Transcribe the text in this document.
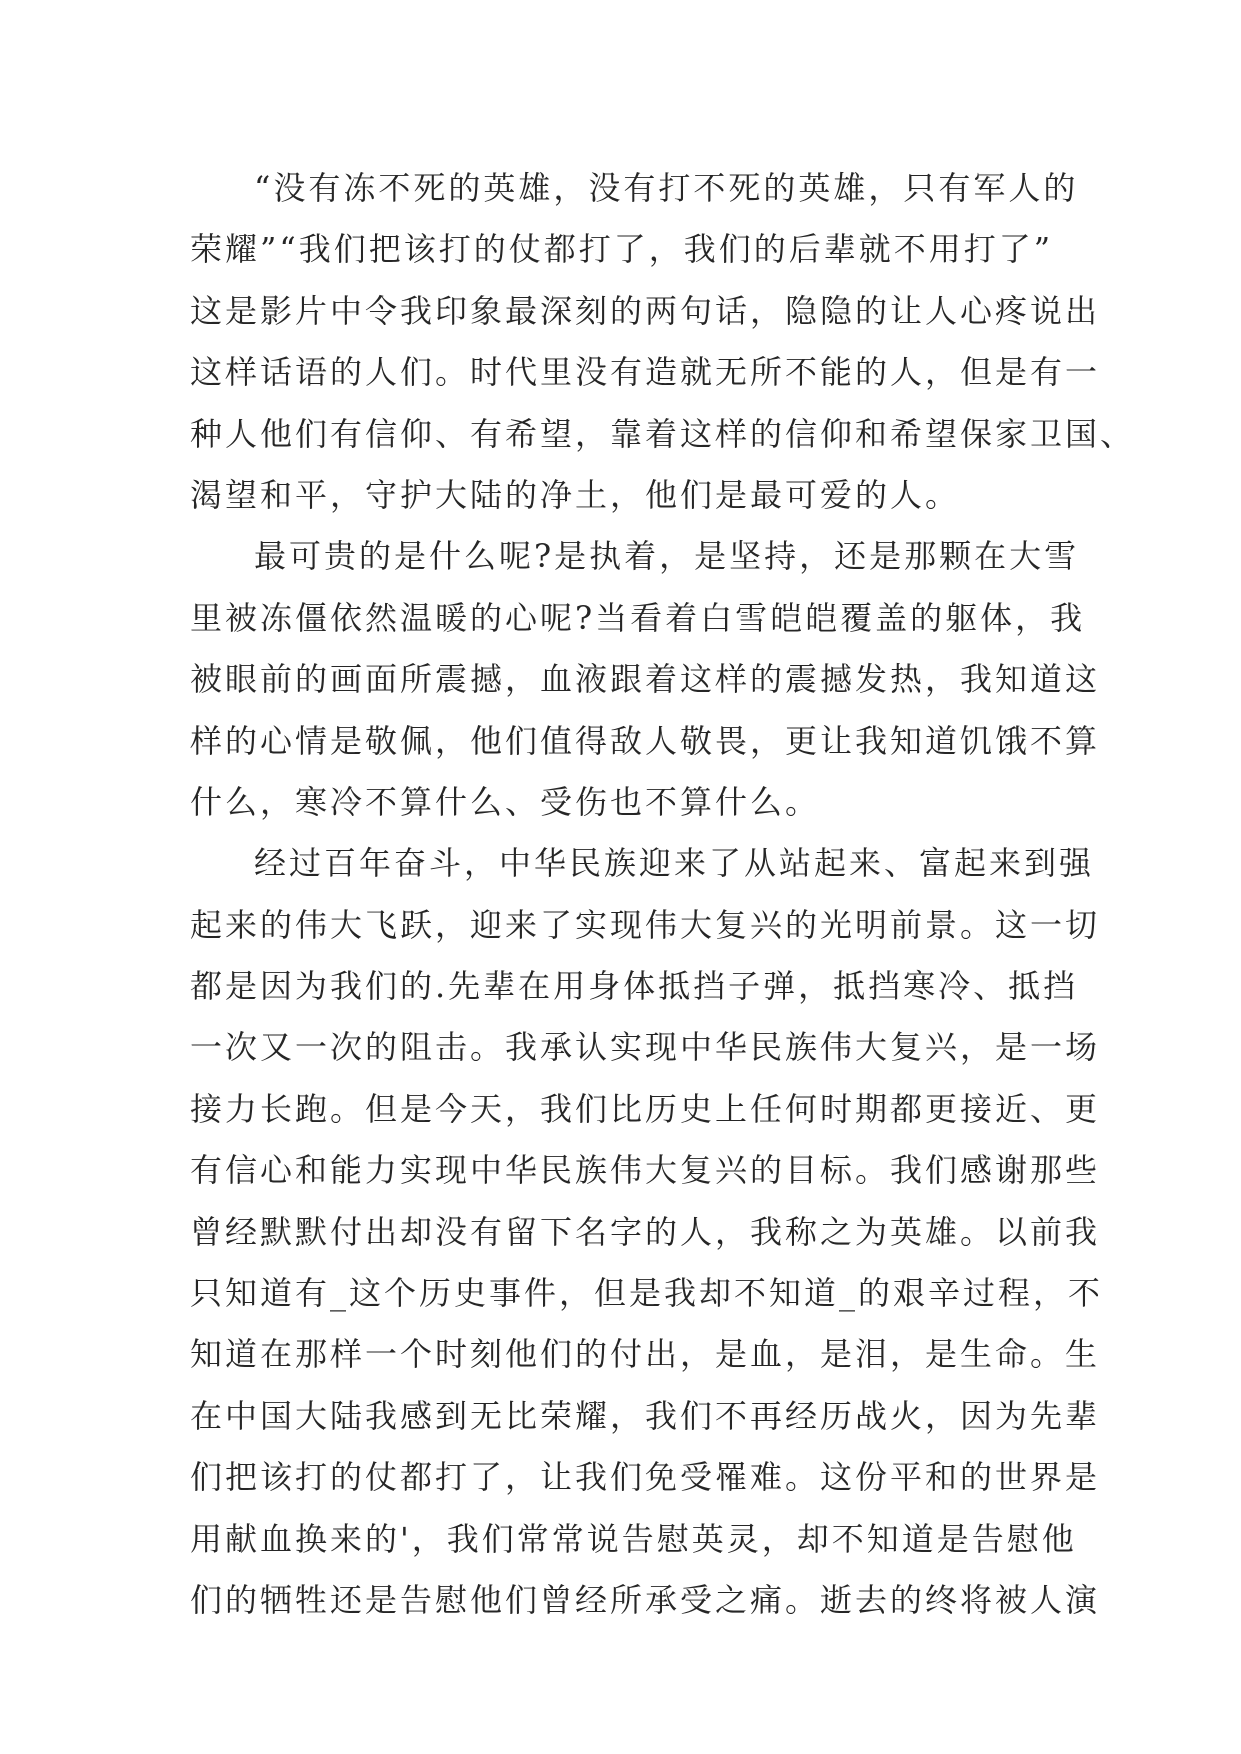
“没有冻不死的英雄，没有打不死的英雄，只有军人的
荣耀”“我们把该打的仗都打了，我们的后辈就不用打了”
这是影片中令我印象最深刻的两句话，隐隐的让人心疼说出
这样话语的人们。时代里没有造就无所不能的人，但是有一
种人他们有信仰、有希望，靠着这样的信仰和希望保家卫国、
渴望和平，守护大陆的净土，他们是最可爱的人。
最可贵的是什么呢?是执着，是坚持，还是那颗在大雪
里被冻僵依然温暖的心呢?当看着白雪皑皑覆盖的躯体，我
被眼前的画面所震撼，血液跟着这样的震撼发热，我知道这
样的心情是敬佩，他们值得敌人敬畏，更让我知道饥饿不算
什么，寒冷不算什么、受伤也不算什么。
经过百年奋斗，中华民族迎来了从站起来、富起来到强
起来的伟大飞跃，迎来了实现伟大复兴的光明前景。这一切
都是因为我们的.先辈在用身体抵挡子弹，抵挡寒冷、抵挡
一次又一次的阻击。我承认实现中华民族伟大复兴，是一场
接力长跑。但是今天，我们比历史上任何时期都更接近、更
有信心和能力实现中华民族伟大复兴的目标。我们感谢那些
曾经默默付出却没有留下名字的人，我称之为英雄。以前我
只知道有_这个历史事件，但是我却不知道_的艰辛过程，不
知道在那样一个时刻他们的付出，是血，是泪，是生命。生
在中国大陆我感到无比荣耀，我们不再经历战火，因为先辈
们把该打的仗都打了，让我们免受罹难。这份平和的世界是
用献血换来的'，我们常常说告慰英灵，却不知道是告慰他
们的牺牲还是告慰他们曾经所承受之痛。逝去的终将被人演
